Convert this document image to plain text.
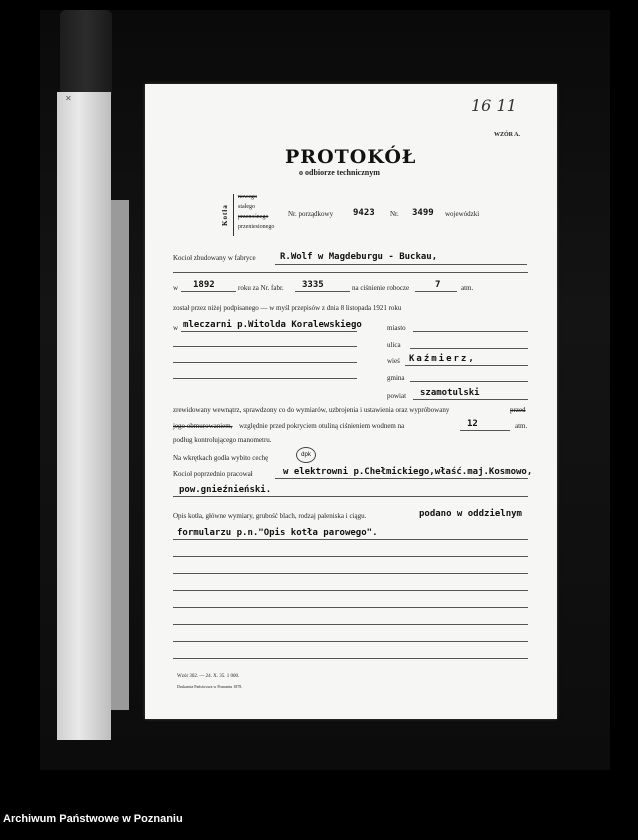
✕	16 11
WZÓR A.
PROTOKÓŁ
o odbiorze technicznym
Kotła
nowego
stałego
przenośnego
przeniesionego
Nr. porządkowy 9423 Nr. 3499 wojewódzki
Kocioł zbudowany w fabryce	R.Wolf w Magdeburgu - Buckau,
w 1892	roku za Nr. fabr. 3335	na ciśnienie robocze	7	atm.
został przez niżej podpisanego — w myśl przepisów z dnia 8 listopada 1921 roku
w mleczarni p.Witolda Koralewskiego	miasto
ulica
wieś Kaźmierz,
gmina
powiat szamotulski
zrewidowany wewnątrz, sprawdzony co do wymiarów, uzbrojenia i ustawienia oraz wypróbowany	przed
jego obmurowaniem, względnie przed pokryciem otuliną ciśnieniem wodnem na	12	atm.
podług kontrolującego manometru.
Na wkrętkach godła wybito cechę	dpk
Kocioł poprzednio pracował	w elektrowni p.Chełmickiego,właść.maj.Kosmowo,
pow.gnieźnieński.
Opis kotła, główne wymiary, grubość blach, rodzaj paleniska i ciągu.	podano w oddzielnym
formularzu p.n."Opis kotła parowego".
Wzór 302. — 24. X. 35. 1 000.
Drukarnia Państwowa w Poznaniu 1878.
Archiwum Państwowe w Poznaniu
